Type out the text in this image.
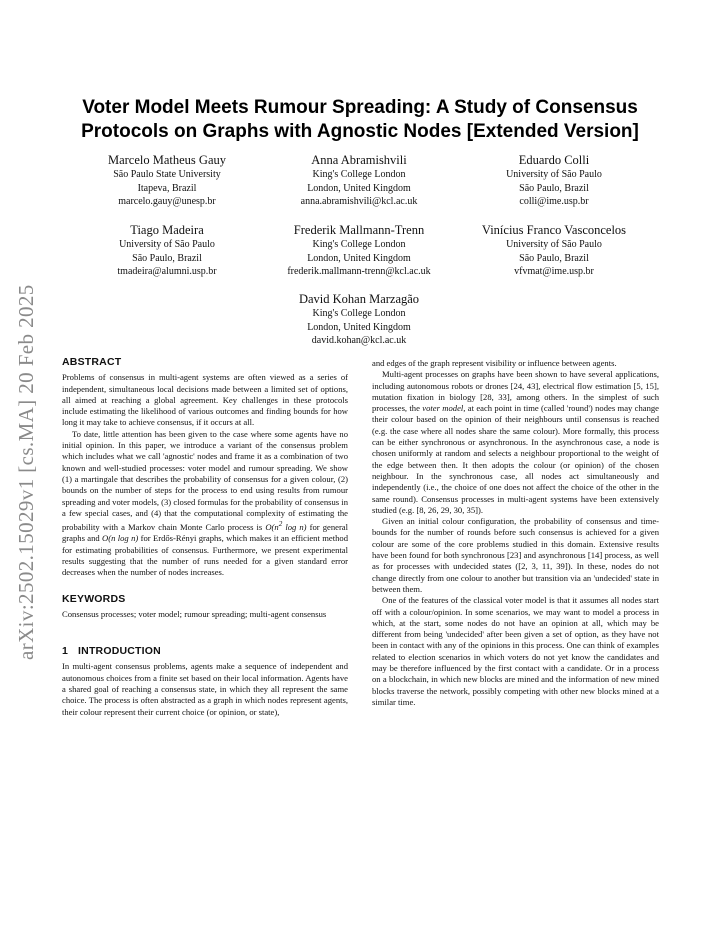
arXiv:2502.15029v1 [cs.MA] 20 Feb 2025
Voter Model Meets Rumour Spreading: A Study of Consensus
Protocols on Graphs with Agnostic Nodes [Extended Version]
Marcelo Matheus Gauy
São Paulo State University
Itapeva, Brazil
marcelo.gauy@unesp.br
Anna Abramishvili
King's College London
London, United Kingdom
anna.abramishvili@kcl.ac.uk
Eduardo Colli
University of São Paulo
São Paulo, Brazil
colli@ime.usp.br
Tiago Madeira
University of São Paulo
São Paulo, Brazil
tmadeira@alumni.usp.br
Frederik Mallmann-Trenn
King's College London
London, United Kingdom
frederik.mallmann-trenn@kcl.ac.uk
Vinícius Franco Vasconcelos
University of São Paulo
São Paulo, Brazil
vfvmat@ime.usp.br
David Kohan Marzagão
King's College London
London, United Kingdom
david.kohan@kcl.ac.uk
ABSTRACT

Problems of consensus in multi-agent systems are often viewed as a series of independent, simultaneous local decisions made between a limited set of options, all aimed at reaching a global agreement. Key challenges in these protocols include estimating the likelihood of various outcomes and finding bounds for how long it may take to achieve consensus, if it occurs at all.

To date, little attention has been given to the case where some agents have no initial opinion. In this paper, we introduce a variant of the consensus problem which includes what we call 'agnostic' nodes and frame it as a combination of two known and well-studied processes: voter model and rumour spreading. We show (1) a martingale that describes the probability of consensus for a given colour, (2) bounds on the number of steps for the process to end using results from rumour spreading and voter models, (3) closed formulas for the probability of consensus in a few special cases, and (4) that the computational complexity of estimating the probability with a Markov chain Monte Carlo process is $O(n^2$ log n) for general graphs and O(n log n) for Erdős-Rényi graphs, which makes it an efficient method for estimating probabilities of consensus. Furthermore, we present experimental results suggesting that the number of runs needed for a given standard error decreases when the number of nodes increases.

KEYWORDS

Consensus processes; voter model; rumour spreading; multi-agent consensus

1 INTRODUCTION

In multi-agent consensus problems, agents make a sequence of independent and autonomous choices from a finite set based on their local information. Agents have a shared goal of reaching a consensus state, in which they all represent the same choice. The process is often abstracted as a graph in which nodes represent agents, their colour represent their current choice (or opinion, or state),

and edges of the graph represent visibility or influence between agents.

Multi-agent processes on graphs have been shown to have several applications, including autonomous robots or drones [24, 43], electrical flow estimation [5, 15], mutation fixation in biology [28, 33], among others. In the simplest of such processes, the voter model, at each point in time (called 'round') nodes may change their colour based on the opinion of their neighbours until consensus is reached (e.g. the case where all nodes share the same colour). More formally, this process can be either synchronous or asynchronous. In the asynchronous case, a node is chosen uniformly at random and selects a neighbour proportional to the weight of the edge between then. It then adopts the colour (or opinion) of the chosen neighbour. In the synchronous case, all nodes act simultaneously and independently (i.e., the choice of one does not affect the choice of the other in the same round). Consensus processes in multi-agent systems have been extensively studied (e.g. [8, 26, 29, 30, 35]).

Given an initial colour configuration, the probability of consensus and time-bounds for the number of rounds before such consensus is achieved for a given colour are some of the core problems studied in this domain. Extensive results have been found for both synchronous [23] and asynchronous [14] process, as well as for processes with undecided states ([2, 3, 11, 39]). In these, nodes do not change directly from one colour to another but transition via an 'undecided' state in between them.

One of the features of the classical voter model is that it assumes all nodes start off with a colour/opinion. In some scenarios, we may want to model a process in which, at the start, some nodes do not have an opinion at all, which may be different from being 'undecided' after been given a set of option, as they have not been in contact with any of the opinions in this process. One can think of examples related to election scenarios in which voters do not yet know the candidates and may be therefore influenced by the first contact with a candidate. Or in a process on a blockchain, in which new blocks are mined and the information of new mined blocks traverse the network, possibly competing with other new blocks mined at a similar time.
